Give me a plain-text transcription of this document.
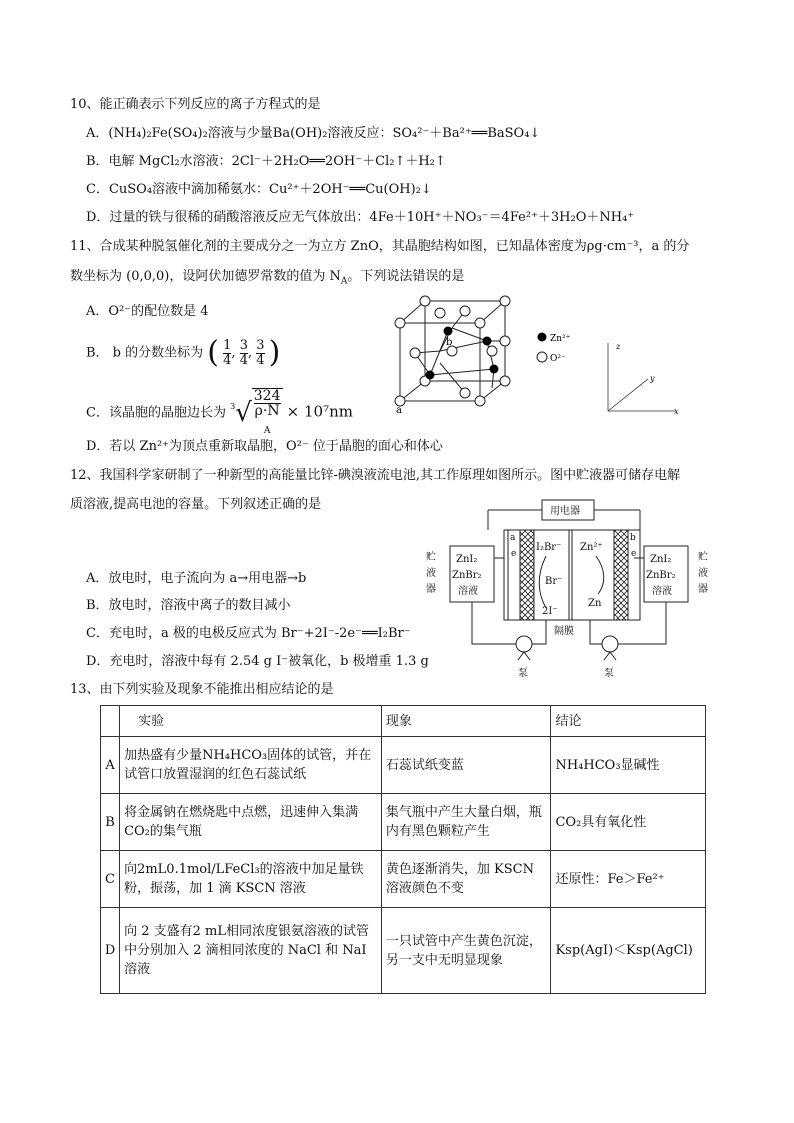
10、能正确表示下列反应的离子方程式的是
A．(NH₄)₂Fe(SO₄)₂溶液与少量Ba(OH)₂溶液反应：SO₄²⁻＋Ba²⁺══BaSO₄↓
B．电解 MgCl₂水溶液：2Cl⁻＋2H₂O══2OH⁻＋Cl₂↑＋H₂↑
C．CuSO₄溶液中滴加稀氨水：Cu²⁺＋2OH⁻══Cu(OH)₂↓
D．过量的铁与很稀的硝酸溶液反应无气体放出：4Fe＋10H⁺＋NO₃⁻＝4Fe²⁺＋3H₂O＋NH₄⁺
11、合成某种脱氢催化剂的主要成分之一为立方 ZnO，其晶胞结构如图，已知晶体密度为ρg·cm⁻³，a 的分
数坐标为 (0,0,0)，设阿伏加德罗常数的值为 $N_A$。下列说法错误的是
A．O²⁻的配位数是 4
B． b 的分数坐标为 ( $\frac{1}{4}$ , $\frac{3}{4}$ , $\frac{3}{4}$ )
C．该晶胞的晶胞边长为 $^3$√ 324
ρ·N
$_A$ × 10⁷nm
D．若以 Zn²⁺为顶点重新取晶胞，O²⁻ 位于晶胞的面心和体心
b
a
Zn²⁺
O²⁻
z
y
x
12、我国科学家研制了一种新型的高能量比锌-碘溴液流电池,其工作原理如图所示。图中贮液器可储存电解
质溶液,提高电池的容量。下列叙述正确的是
A．放电时，电子流向为 a→用电器→b
B．放电时，溶液中离子的数目减小
C．充电时，a 极的电极反应式为 Br⁻+2I⁻-2e⁻══I₂Br⁻
D．充电时，溶液中每有 2.54 g I⁻被氧化，b 极增重 1.3 g
用电器
a	b
e	e
I₂Br⁻
Br⁻
2I⁻
Zn²⁺
Zn
ZnI₂
ZnBr₂
溶液
ZnI₂
ZnBr₂
溶液
贮
液
器
贮
液
器
隔膜
泵	泵
13、由下列实验及现象不能推出相应结论的是
	实验	现象	结论
A	加热盛有少量NH₄HCO₃固体的试管，并在试管口放置湿润的红色石蕊试纸	石蕊试纸变蓝	NH₄HCO₃显碱性
B	将金属钠在燃烧匙中点燃，迅速伸入集满CO₂的集气瓶	集气瓶中产生大量白烟，瓶内有黑色颗粒产生	CO₂具有氧化性
C	向2mL0.1mol/LFeCl₃的溶液中加足量铁粉，振荡，加 1 滴 KSCN 溶液	黄色逐渐消失，加 KSCN 溶液颜色不变	还原性：Fe＞Fe²⁺
D	向 2 支盛有2 mL相同浓度银氨溶液的试管中分别加入 2 滴相同浓度的 NaCl 和 NaI 溶液	一只试管中产生黄色沉淀，另一支中无明显现象	Ksp(AgI)＜Ksp(AgCl)
